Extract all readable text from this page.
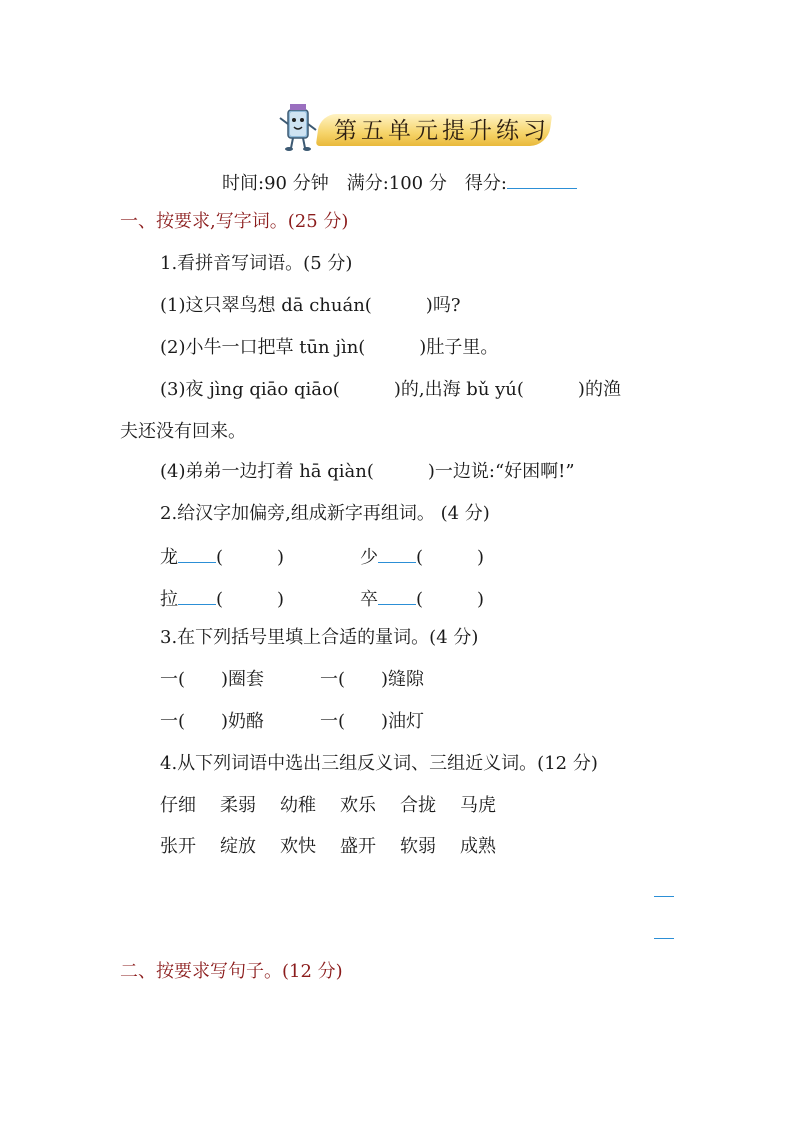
第五单元提升练习
时间:90 分钟　满分:100 分　得分:
一、按要求,写字词。(25 分)
1.看拼音写词语。(5 分)
(1)这只翠鸟想 dā chuán(　　　)吗?
(2)小牛一口把草 tūn jìn(　　　)肚子里。
(3)夜 jìng qiāo qiāo(　　　)的,出海 bǔ yú(　　　)的渔
夫还没有回来。
(4)弟弟一边打着 hā qiàn(　　　)一边说:“好困啊!”
2.给汉字加偏旁,组成新字再组词。 (4 分)
龙 (　　　)	少 (　　　)
拉 (　　　)	卒 (　　　)
3.在下列括号里填上合适的量词。(4 分)
一(　　)圈套	一(　　)缝隙
一(　　)奶酪	一(　　)油灯
4.从下列词语中选出三组反义词、三组近义词。(12 分)
仔细 柔弱 幼稚 欢乐 合拢 马虎
张开 绽放 欢快 盛开 软弱 成熟
二、按要求写句子。(12 分)
